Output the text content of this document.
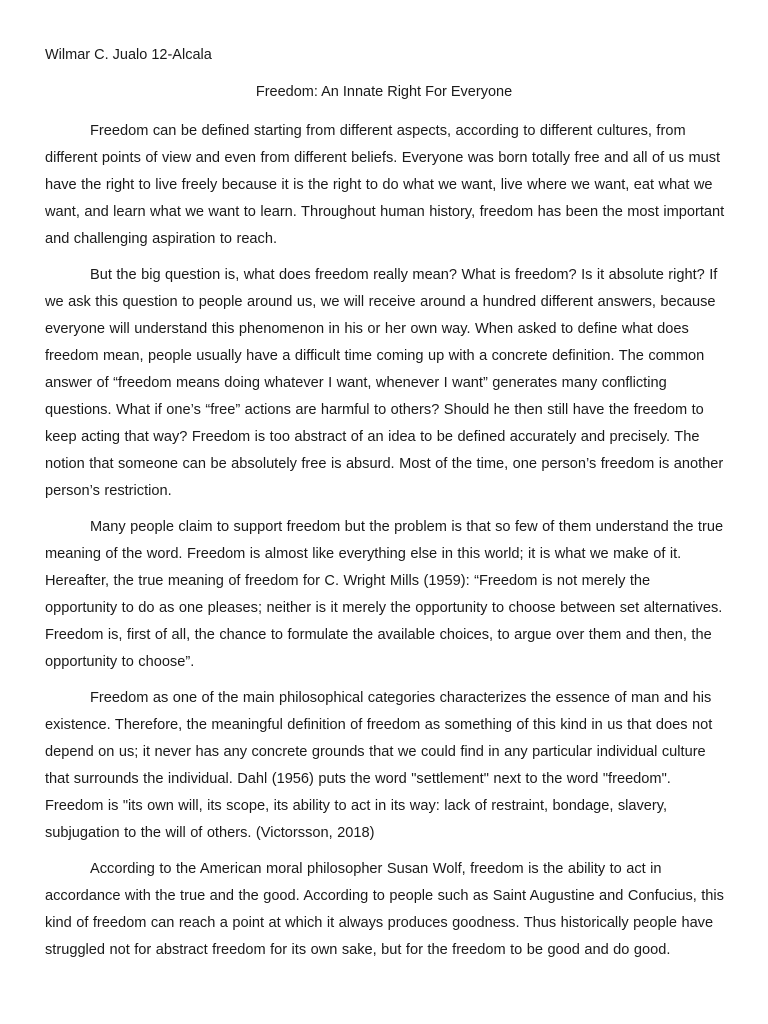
Wilmar C. Jualo 12-Alcala

Freedom: An Innate Right For Everyone

Freedom can be defined starting from different aspects, according to different cultures, from different points of view and even from different beliefs. Everyone was born totally free and all of us must have the right to live freely because it is the right to do what we want, live where we want, eat what we want, and learn what we want to learn. Throughout human history, freedom has been the most important and challenging aspiration to reach.

But the big question is, what does freedom really mean? What is freedom? Is it absolute right? If we ask this question to people around us, we will receive around a hundred different answers, because everyone will understand this phenomenon in his or her own way. When asked to define what does freedom mean, people usually have a difficult time coming up with a concrete definition. The common answer of “freedom means doing whatever I want, whenever I want” generates many conflicting questions. What if one’s “free” actions are harmful to others? Should he then still have the freedom to keep acting that way? Freedom is too abstract of an idea to be defined accurately and precisely. The notion that someone can be absolutely free is absurd. Most of the time, one person’s freedom is another person’s restriction.

Many people claim to support freedom but the problem is that so few of them understand the true meaning of the word. Freedom is almost like everything else in this world; it is what we make of it. Hereafter, the true meaning of freedom for C. Wright Mills (1959): “Freedom is not merely the opportunity to do as one pleases; neither is it merely the opportunity to choose between set alternatives. Freedom is, first of all, the chance to formulate the available choices, to argue over them and then, the opportunity to choose”.

Freedom as one of the main philosophical categories characterizes the essence of man and his existence. Therefore, the meaningful definition of freedom as something of this kind in us that does not depend on us; it never has any concrete grounds that we could find in any particular individual culture that surrounds the individual. Dahl (1956) puts the word "settlement" next to the word "freedom". Freedom is "its own will, its scope, its ability to act in its way: lack of restraint, bondage, slavery, subjugation to the will of others. (Victorsson, 2018)

According to the American moral philosopher Susan Wolf, freedom is the ability to act in accordance with the true and the good. According to people such as Saint Augustine and Confucius, this kind of freedom can reach a point at which it always produces goodness. Thus historically people have struggled not for abstract freedom for its own sake, but for the freedom to be good and do good.
